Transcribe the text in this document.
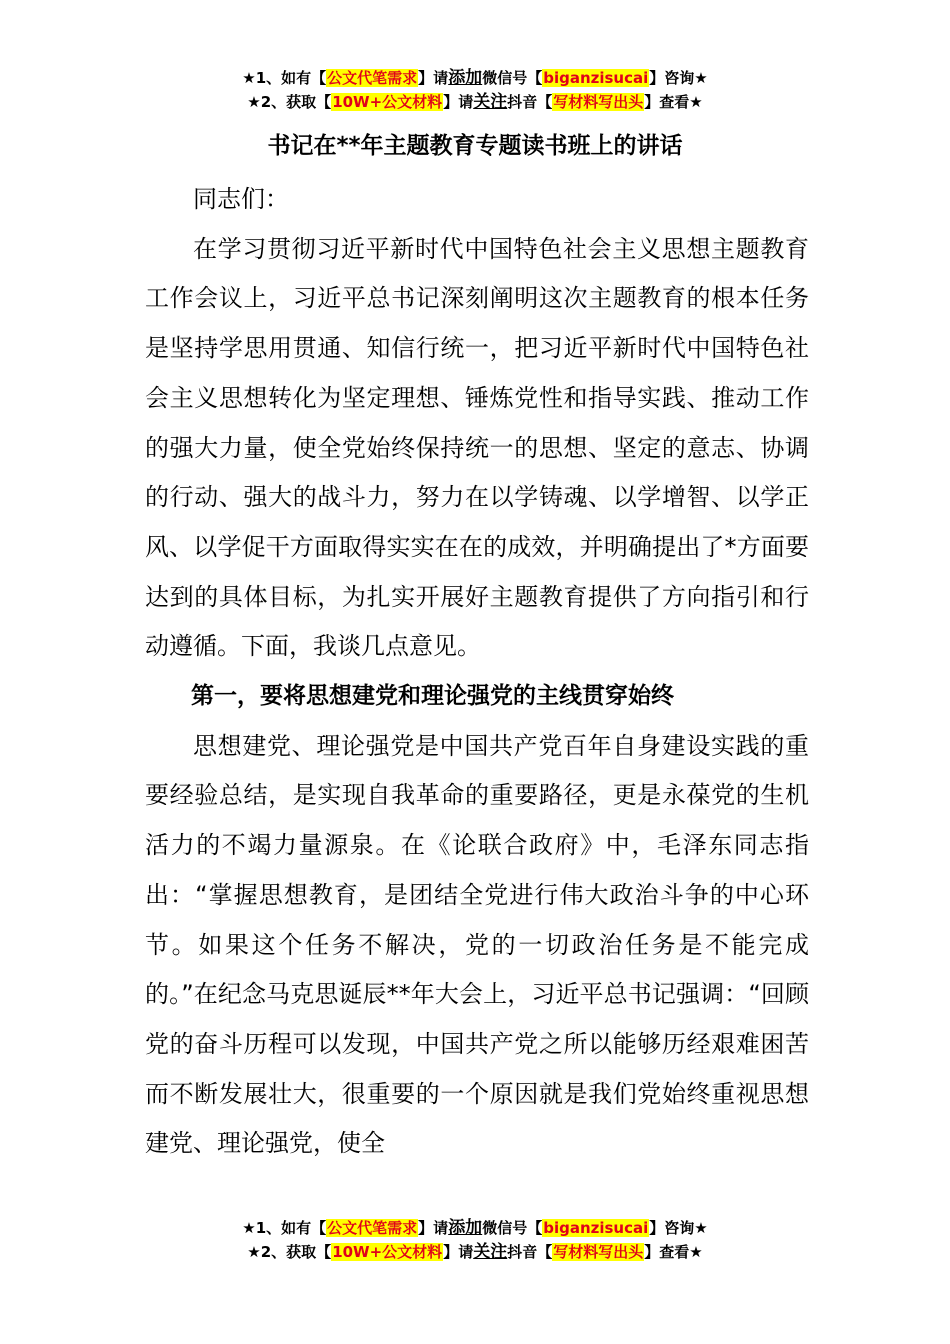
★1、如有【公文代笔需求】请添加微信号【biganzisucai】咨询★
★2、获取【10W+公文材料】请关注抖音【写材料写出头】查看★
书记在**年主题教育专题读书班上的讲话

同志们：

在学习贯彻习近平新时代中国特色社会主义思想主题教育工作会议上，习近平总书记深刻阐明这次主题教育的根本任务是坚持学思用贯通、知信行统一，把习近平新时代中国特色社会主义思想转化为坚定理想、锤炼党性和指导实践、推动工作的强大力量，使全党始终保持统一的思想、坚定的意志、协调的行动、强大的战斗力，努力在以学铸魂、以学增智、以学正风、以学促干方面取得实实在在的成效，并明确提出了*方面要达到的具体目标，为扎实开展好主题教育提供了方向指引和行动遵循。下面，我谈几点意见。

第一，要将思想建党和理论强党的主线贯穿始终

思想建党、理论强党是中国共产党百年自身建设实践的重要经验总结，是实现自我革命的重要路径，更是永葆党的生机活力的不竭力量源泉。在《论联合政府》中，毛泽东同志指出：“掌握思想教育，是团结全党进行伟大政治斗争的中心环节。如果这个任务不解决，党的一切政治任务是不能完成的。”在纪念马克思诞辰**年大会上，习近平总书记强调：“回顾党的奋斗历程可以发现，中国共产党之所以能够历经艰难困苦而不断发展壮大，很重要的一个原因就是我们党始终重视思想建党、理论强党，使全

★1、如有【公文代笔需求】请添加微信号【biganzisucai】咨询★
★2、获取【10W+公文材料】请关注抖音【写材料写出头】查看★
